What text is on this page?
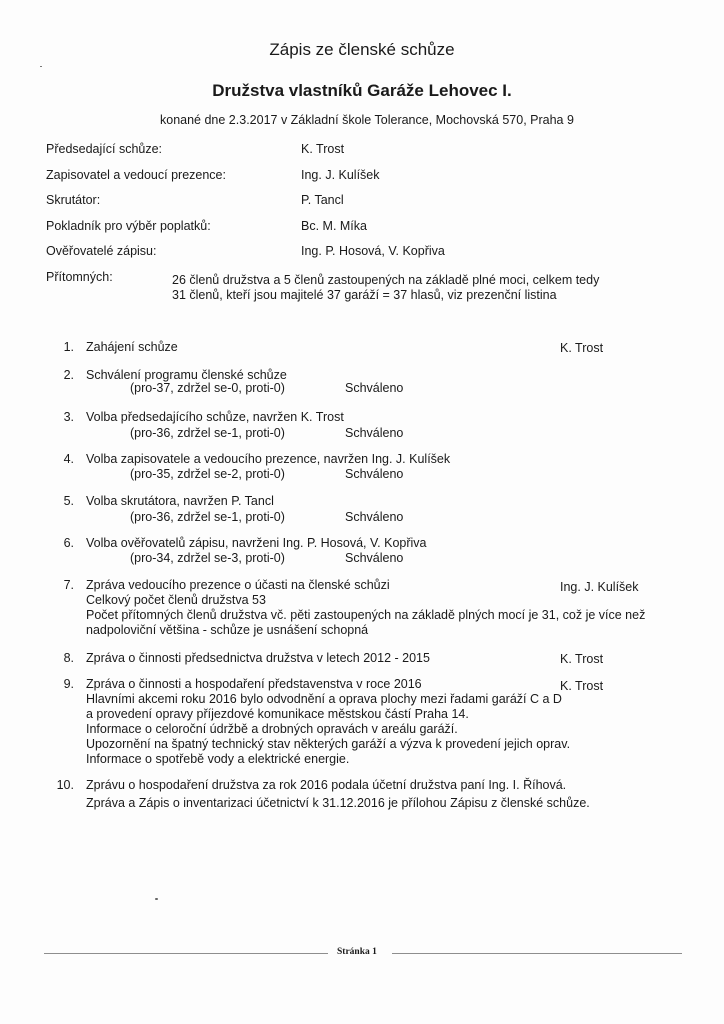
Zápis ze členské schůze
Družstva vlastníků Garáže Lehovec I.
konané dne 2.3.2017 v Základní škole Tolerance, Mochovská 570, Praha 9
Předsedající schůze:	K. Trost
Zapisovatel a vedoucí prezence:	Ing. J. Kulíšek
Skrutátor:	P. Tancl
Pokladník pro výběr poplatků:	Bc. M. Míka
Ověřovatelé zápisu:	Ing. P. Hosová, V. Kopřiva
Přítomných:	26 členů družstva a 5 členů zastoupených na základě plné moci, celkem tedy
31 členů, kteří jsou majitelé 37 garáží = 37 hlasů, viz prezenční listina
1. Zahájení schůze	K. Trost
2. Schválení programu členské schůze
(pro-37, zdržel se-0, proti-0)	Schváleno
3. Volba předsedajícího schůze, navržen K. Trost
(pro-36, zdržel se-1, proti-0)	Schváleno
4. Volba zapisovatele a vedoucího prezence, navržen Ing. J. Kulíšek
(pro-35, zdržel se-2, proti-0)	Schváleno
5. Volba skrutátora, navržen P. Tancl
(pro-36, zdržel se-1, proti-0)	Schváleno
6. Volba ověřovatelů zápisu, navrženi Ing. P. Hosová, V. Kopřiva
(pro-34, zdržel se-3, proti-0)	Schváleno
7. Zpráva vedoucího prezence o účasti na členské schůzi	Ing. J. Kulíšek
Celkový počet členů družstva 53
Počet přítomných členů družstva vč. pěti zastoupených na základě plných mocí je 31, což je více než
nadpoloviční většina - schůze je usnášení schopná
8. Zpráva o činnosti předsednictva družstva v letech 2012 - 2015	K. Trost
9. Zpráva o činnosti a hospodaření představenstva v roce 2016	K. Trost
Hlavními akcemi roku 2016 bylo odvodnění a oprava plochy mezi řadami garáží C a D
a provedení opravy příjezdové komunikace městskou částí Praha 14.
Informace o celoroční údržbě a drobných opravách v areálu garáží.
Upozornění na špatný technický stav některých garáží a výzva k provedení jejich oprav.
Informace o spotřebě vody a elektrické energie.
10. Zprávu o hospodaření družstva za rok 2016 podala účetní družstva paní Ing. I. Říhová.
Zpráva a Zápis o inventarizaci účetnictví k 31.12.2016 je přílohou Zápisu z členské schůze.
Stránka 1
